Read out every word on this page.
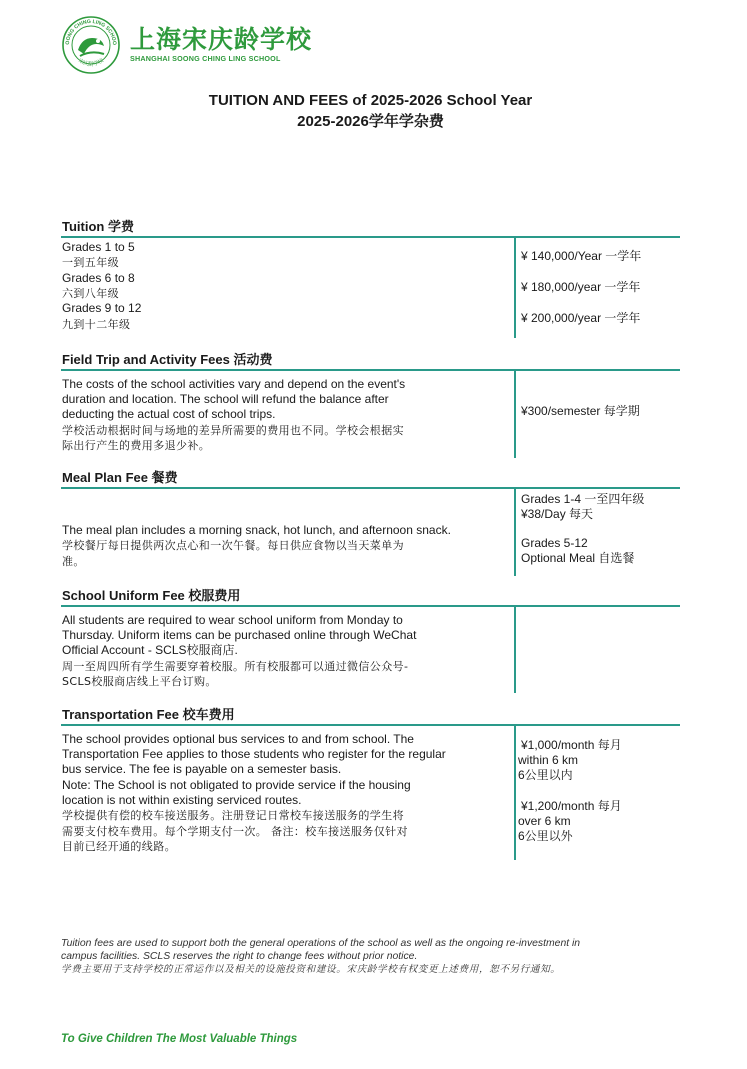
OONG CHING LING SCHOO
宋庆龄学校
上海宋庆龄学校
SHANGHAI SOONG CHING LING SCHOOL
TUITION AND FEES of 2025-2026 School Year
2025-2026学年学杂费
Tuition 学费
Grades 1 to 5
一到五年级
Grades 6 to 8
六到八年级
Grades 9 to 12
九到十二年级
¥ 140,000/Year 一学年
¥ 180,000/year 一学年
¥ 200,000/year 一学年
Field Trip and Activity Fees 活动费
The costs of the school activities vary and depend on the event's
duration and location. The school will refund the balance after
deducting the actual cost of school trips.
学校活动根据时间与场地的差异所需要的费用也不同。学校会根据实
际出行产生的费用多退少补。
¥300/semester 每学期
Meal Plan Fee 餐费
The meal plan includes a morning snack, hot lunch, and afternoon snack.
学校餐厅每日提供两次点心和一次午餐。每日供应食物以当天菜单为
准。
Grades 1-4 一至四年级
¥38/Day 每天
Grades 5-12
Optional Meal 自选餐
School Uniform Fee 校服费用
All students are required to wear school uniform from Monday to
Thursday. Uniform items can be purchased online through WeChat
Official Account - SCLS校服商店.
周一至周四所有学生需要穿着校服。所有校服都可以通过微信公众号-
SCLS校服商店线上平台订购。
Transportation Fee 校车费用
The school provides optional bus services to and from school. The
Transportation Fee applies to those students who register for the regular
bus service. The fee is payable on a semester basis.
Note: The School is not obligated to provide service if the housing
location is not within existing serviced routes.
学校提供有偿的校车接送服务。注册登记日常校车接送服务的学生将
需要支付校车费用。每个学期支付一次。 备注：校车接送服务仅针对
目前已经开通的线路。
¥1,000/month 每月
within 6 km
6公里以内
¥1,200/month 每月
over 6 km
6公里以外
Tuition fees are used to support both the general operations of the school as well as the ongoing re-investment in
campus facilities. SCLS reserves the right to change fees without prior notice.
学费主要用于支持学校的正常运作以及相关的设施投资和建设。宋庆龄学校有权变更上述费用，恕不另行通知。
To Give Children The Most Valuable Things
